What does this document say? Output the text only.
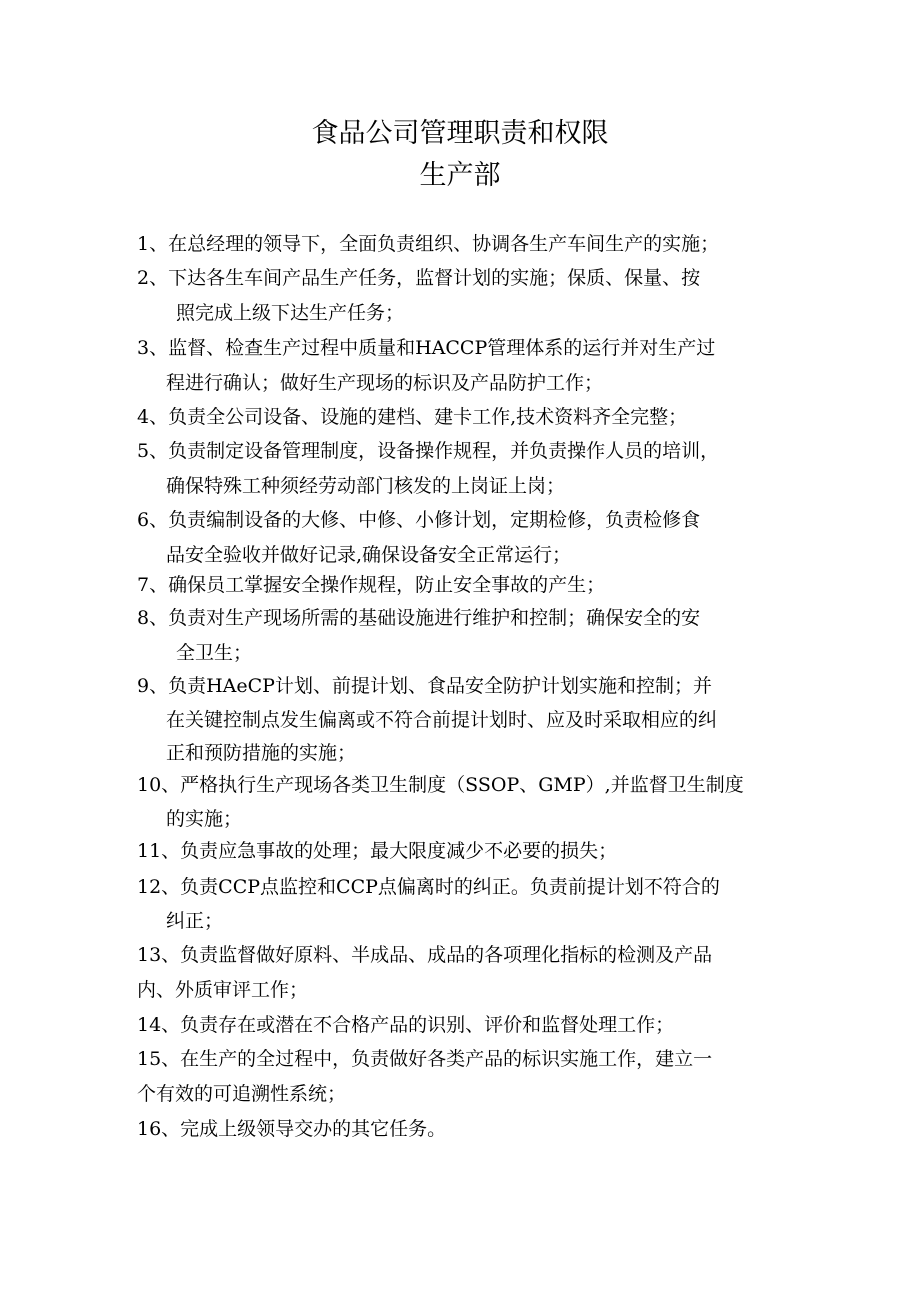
食品公司管理职责和权限
生产部
1、在总经理的领导下，全面负责组织、协调各生产车间生产的实施；
2、下达各生车间产品生产任务，监督计划的实施；保质、保量、按
照完成上级下达生产任务；
3、监督、检查生产过程中质量和HACCP管理体系的运行并对生产过
程进行确认；做好生产现场的标识及产品防护工作；
4、负责全公司设备、设施的建档、建卡工作,技术资料齐全完整；
5、负责制定设备管理制度，设备操作规程，并负责操作人员的培训，
确保特殊工种须经劳动部门核发的上岗证上岗；
6、负责编制设备的大修、中修、小修计划，定期检修，负责检修食
品安全验收并做好记录,确保设备安全正常运行；
7、确保员工掌握安全操作规程，防止安全事故的产生；
8、负责对生产现场所需的基础设施进行维护和控制；确保安全的安
全卫生；
9、负责HAeCP计划、前提计划、食品安全防护计划实施和控制；并
在关键控制点发生偏离或不符合前提计划时、应及时采取相应的纠
正和预防措施的实施；
10、严格执行生产现场各类卫生制度（SSOP、GMP）,并监督卫生制度
的实施；
11、负责应急事故的处理；最大限度减少不必要的损失；
12、负责CCP点监控和CCP点偏离时的纠正。负责前提计划不符合的
纠正；
13、负责监督做好原料、半成品、成品的各项理化指标的检测及产品
内、外质审评工作；
14、负责存在或潜在不合格产品的识别、评价和监督处理工作；
15、在生产的全过程中，负责做好各类产品的标识实施工作，建立一
个有效的可追溯性系统；
16、完成上级领导交办的其它任务。
